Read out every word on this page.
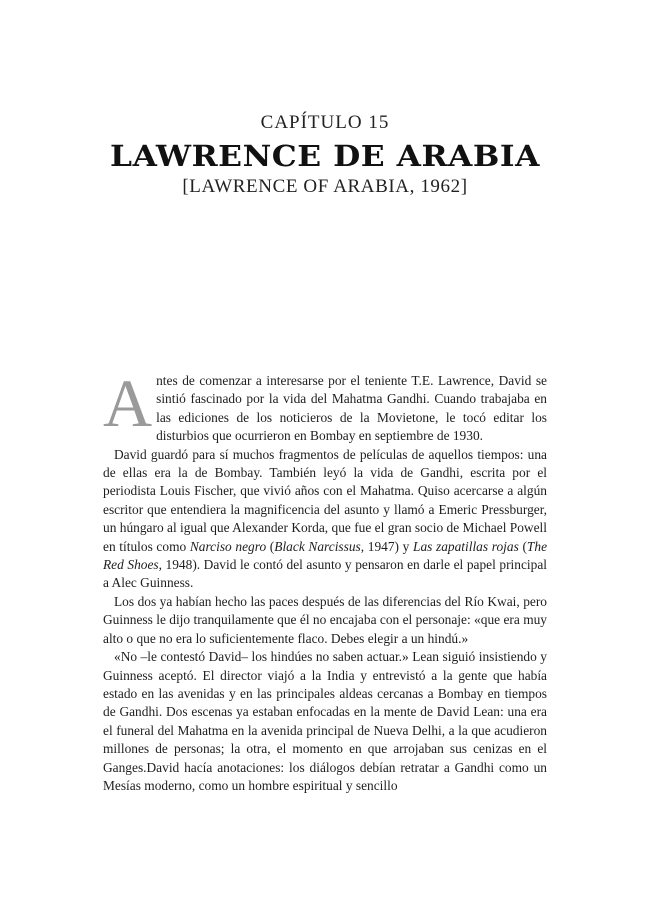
CAPÍTULO 15
LAWRENCE DE ARABIA
[LAWRENCE OF ARABIA, 1962]

Antes de comenzar a interesarse por el teniente T.E. Lawrence, David se sintió fascinado por la vida del Mahatma Gandhi. Cuando trabajaba en las ediciones de los noticieros de la Movietone, le tocó editar los disturbios que ocurrieron en Bombay en septiembre de 1930.

David guardó para sí muchos fragmentos de películas de aquellos tiempos: una de ellas era la de Bombay. También leyó la vida de Gandhi, escrita por el periodista Louis Fischer, que vivió años con el Mahatma. Quiso acercarse a algún escritor que entendiera la magnificencia del asunto y llamó a Emeric Pressburger, un húngaro al igual que Alexander Korda, que fue el gran socio de Michael Powell en títulos como Narciso negro (Black Narcissus, 1947) y Las zapatillas rojas (The Red Shoes, 1948). David le contó del asunto y pensaron en darle el papel principal a Alec Guinness.

Los dos ya habían hecho las paces después de las diferencias del Río Kwai, pero Guinness le dijo tranquilamente que él no encajaba con el personaje: «que era muy alto o que no era lo suficientemente flaco. Debes elegir a un hindú.»

«No –le contestó David– los hindúes no saben actuar.» Lean siguió insistiendo y Guinness aceptó. El director viajó a la India y entrevistó a la gente que había estado en las avenidas y en las principales aldeas cercanas a Bombay en tiempos de Gandhi. Dos escenas ya estaban enfocadas en la mente de David Lean: una era el funeral del Mahatma en la avenida principal de Nueva Delhi, a la que acudieron millones de personas; la otra, el momento en que arrojaban sus cenizas en el Ganges.David hacía anotaciones: los diálogos debían retratar a Gandhi como un Mesías moderno, como un hombre espiritual y sencillo
